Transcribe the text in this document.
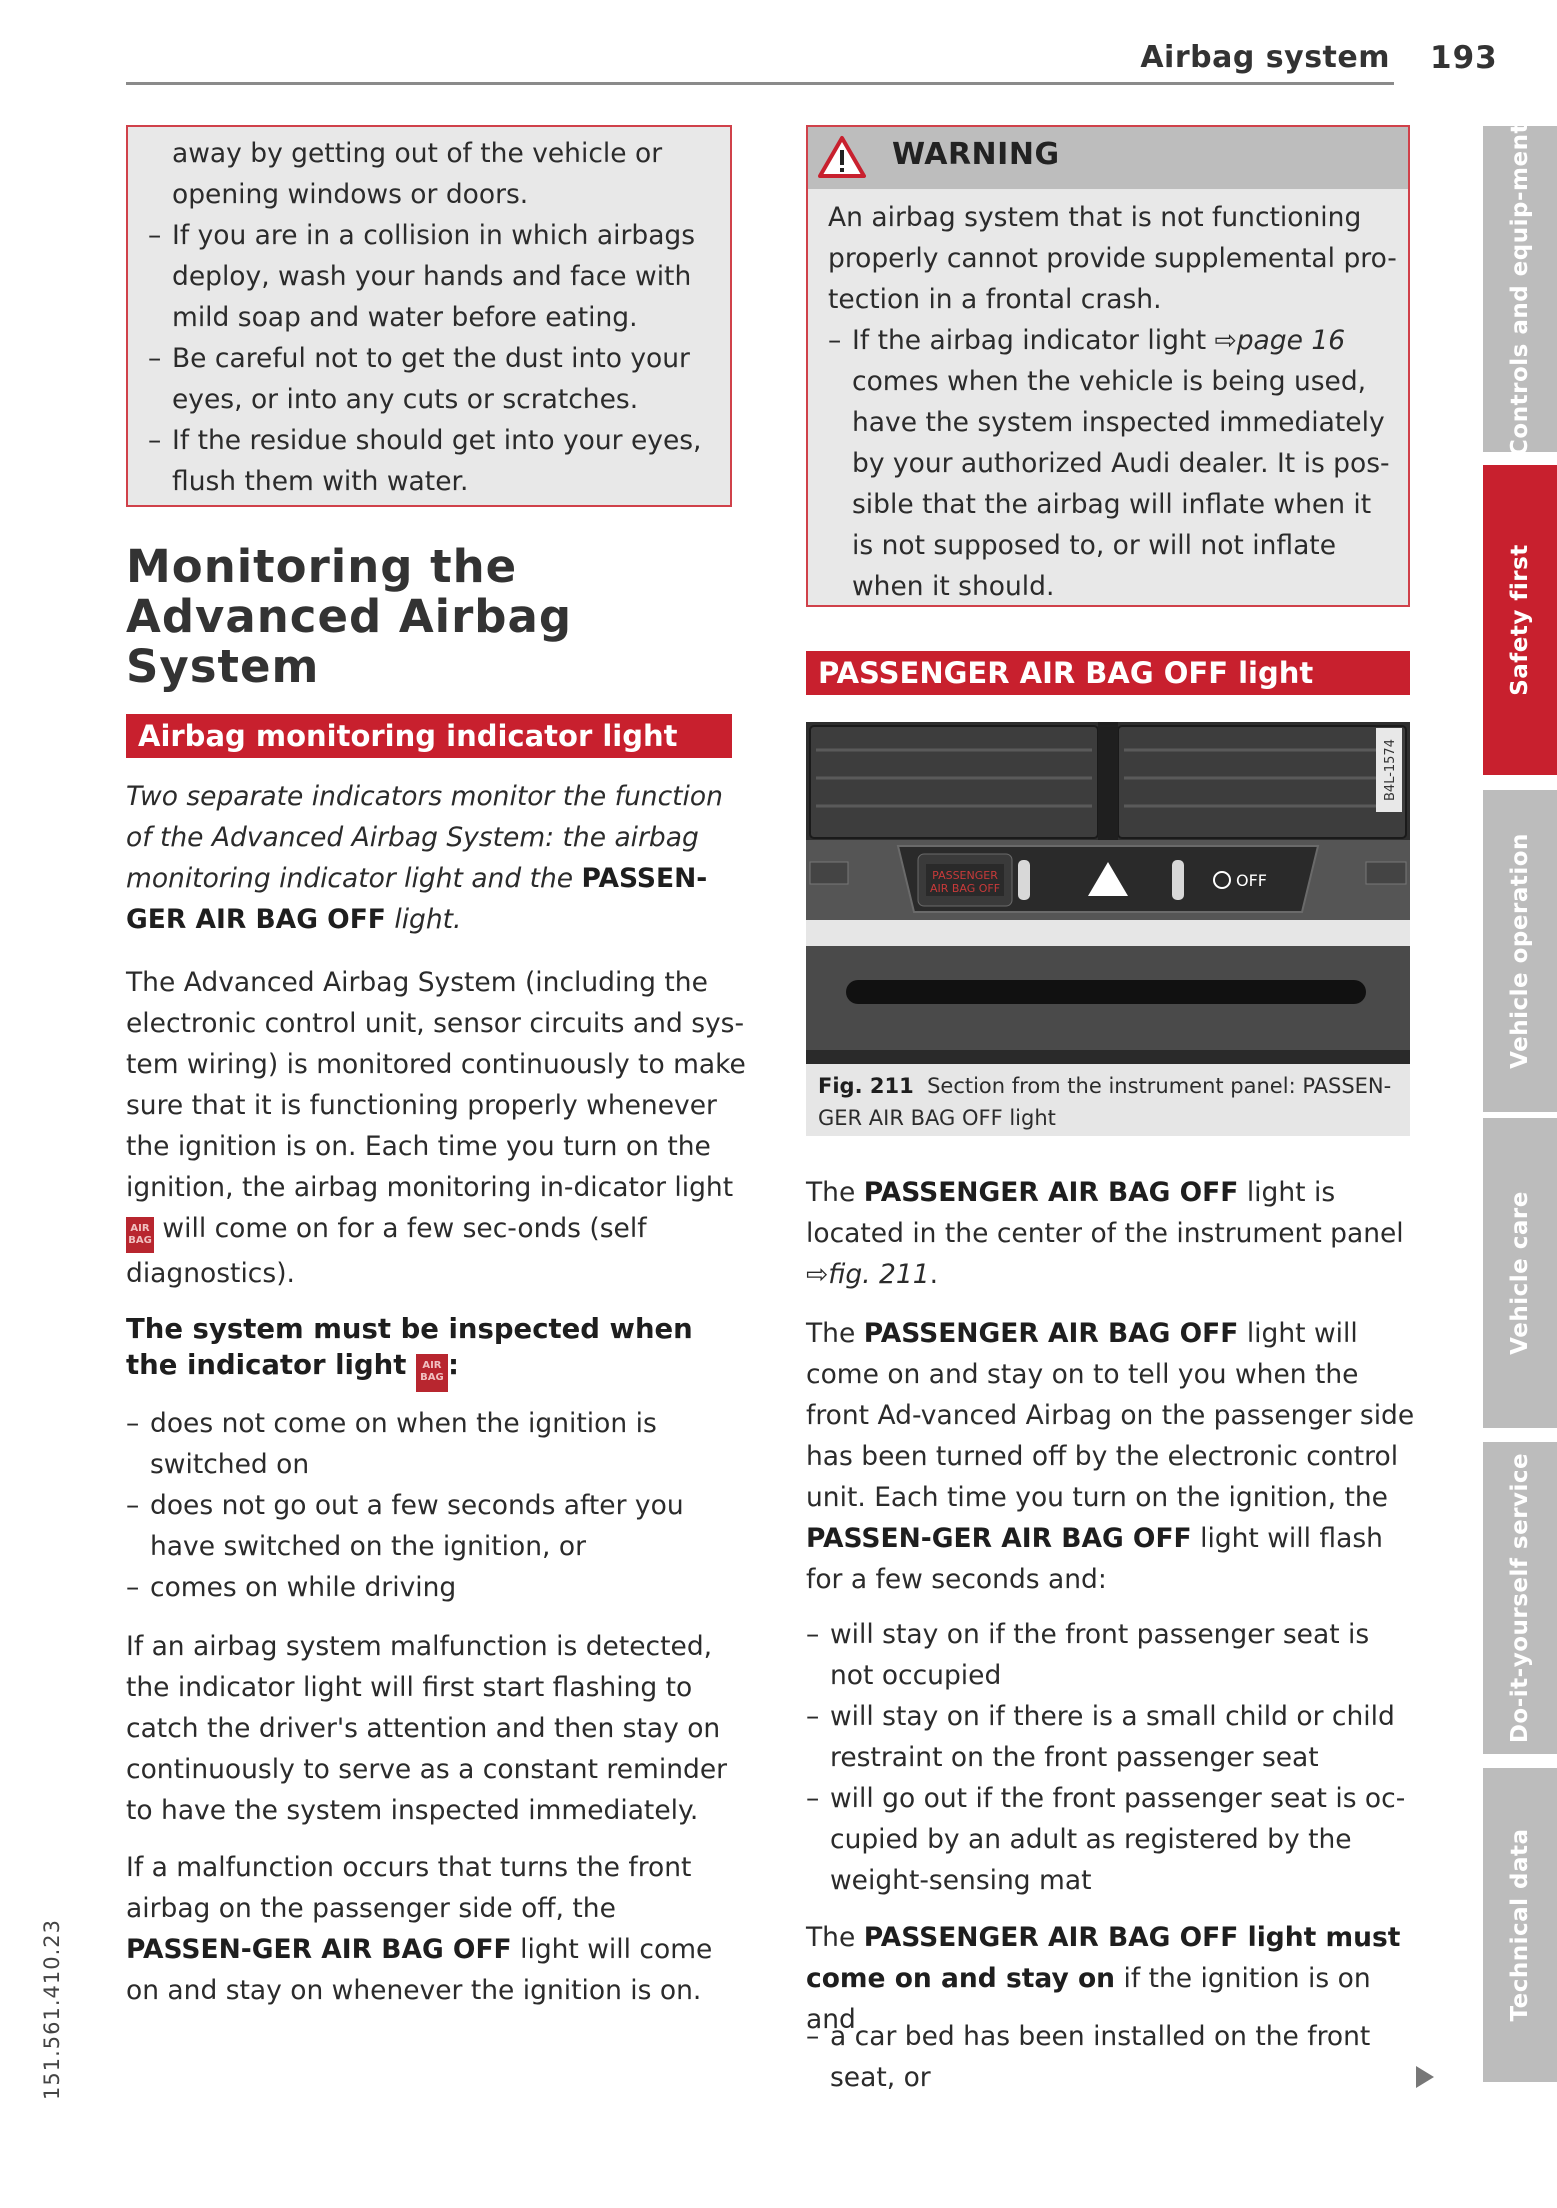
Airbag system 193
away by getting out of the vehicle or opening windows or doors.
– If you are in a collision in which airbags deploy, wash your hands and face with mild soap and water before eating.
– Be careful not to get the dust into your eyes, or into any cuts or scratches.
– If the residue should get into your eyes, flush them with water.
Monitoring the Advanced Airbag System
Airbag monitoring indicator light
Two separate indicators monitor the function of the Advanced Airbag System: the airbag monitoring indicator light and the PASSEN-GER AIR BAG OFF light.
The Advanced Airbag System (including the electronic control unit, sensor circuits and sys-tem wiring) is monitored continuously to make sure that it is functioning properly whenever the ignition is on. Each time you turn on the ignition, the airbag monitoring in-dicator light AIR BAG will come on for a few sec-onds (self diagnostics).
The system must be inspected when the indicator light AIR BAG :
– does not come on when the ignition is switched on
– does not go out a few seconds after you have switched on the ignition, or
– comes on while driving
If an airbag system malfunction is detected, the indicator light will first start flashing to catch the driver's attention and then stay on continuously to serve as a constant reminder to have the system inspected immediately.
If a malfunction occurs that turns the front airbag on the passenger side off, the PASSEN-GER AIR BAG OFF light will come on and stay on whenever the ignition is on.
WARNING
An airbag system that is not functioning properly cannot provide supplemental pro-tection in a frontal crash.
– If the airbag indicator light ⇨page 16 comes when the vehicle is being used, have the system inspected immediately by your authorized Audi dealer. It is pos-sible that the airbag will inflate when it is not supposed to, or will not inflate when it should.
PASSENGER AIR BAG OFF light
B4L-1574
PASSENGER
AIR BAG OFF	OFF
Fig. 211 Section from the instrument panel: PASSEN-GER AIR BAG OFF light
The PASSENGER AIR BAG OFF light is located in the center of the instrument panel ⇨fig. 211.
The PASSENGER AIR BAG OFF light will come on and stay on to tell you when the front Ad-vanced Airbag on the passenger side has been turned off by the electronic control unit. Each time you turn on the ignition, the PASSEN-GER AIR BAG OFF light will flash for a few seconds and:
– will stay on if the front passenger seat is not occupied
– will stay on if there is a small child or child restraint on the front passenger seat
– will go out if the front passenger seat is oc-cupied by an adult as registered by the weight-sensing mat
The PASSENGER AIR BAG OFF light must come on and stay on if the ignition is on and
– a car bed has been installed on the front seat, or
Controls and equip-ment
Safety first
Vehicle operation
Vehicle care
Do-it-yourself service
Technical data
151.561.410.23
